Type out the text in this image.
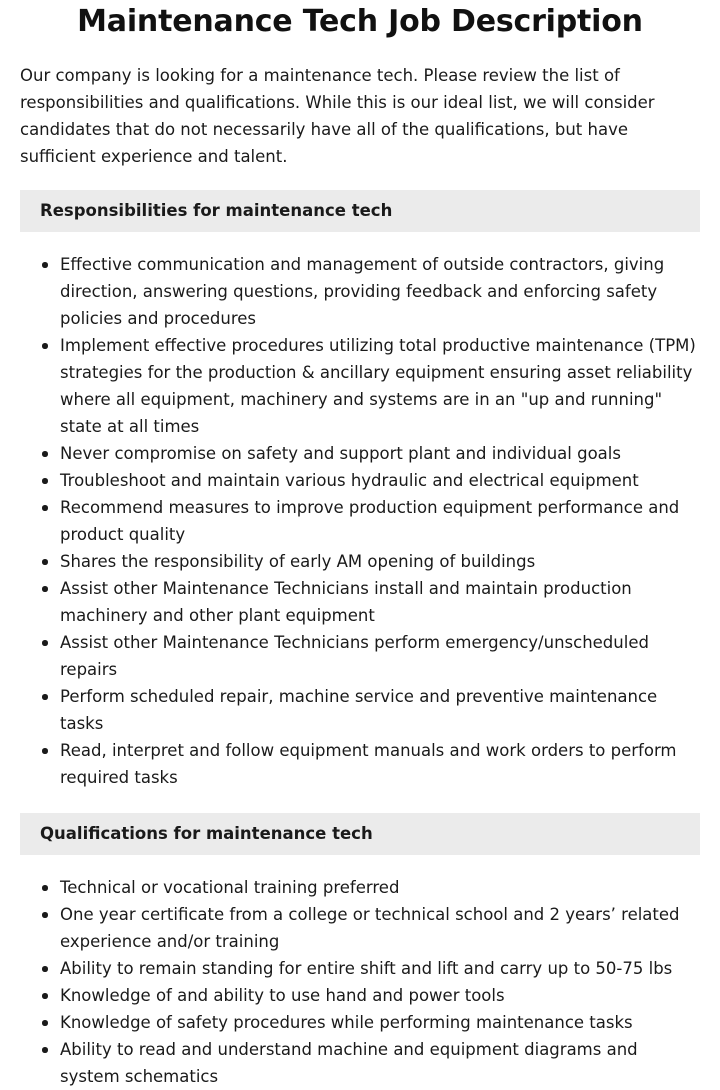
Maintenance Tech Job Description

Our company is looking for a maintenance tech. Please review the list of responsibilities and qualifications. While this is our ideal list, we will consider candidates that do not necessarily have all of the qualifications, but have sufficient experience and talent.

Responsibilities for maintenance tech
Effective communication and management of outside contractors, giving direction, answering questions, providing feedback and enforcing safety policies and procedures
Implement effective procedures utilizing total productive maintenance (TPM) strategies for the production & ancillary equipment ensuring asset reliability where all equipment, machinery and systems are in an "up and running" state at all times
Never compromise on safety and support plant and individual goals
Troubleshoot and maintain various hydraulic and electrical equipment
Recommend measures to improve production equipment performance and product quality
Shares the responsibility of early AM opening of buildings
Assist other Maintenance Technicians install and maintain production machinery and other plant equipment
Assist other Maintenance Technicians perform emergency/unscheduled repairs
Perform scheduled repair, machine service and preventive maintenance tasks
Read, interpret and follow equipment manuals and work orders to perform required tasks
Qualifications for maintenance tech
Technical or vocational training preferred
One year certificate from a college or technical school and 2 years’ related experience and/or training
Ability to remain standing for entire shift and lift and carry up to 50-75 lbs
Knowledge of and ability to use hand and power tools
Knowledge of safety procedures while performing maintenance tasks
Ability to read and understand machine and equipment diagrams and system schematics
